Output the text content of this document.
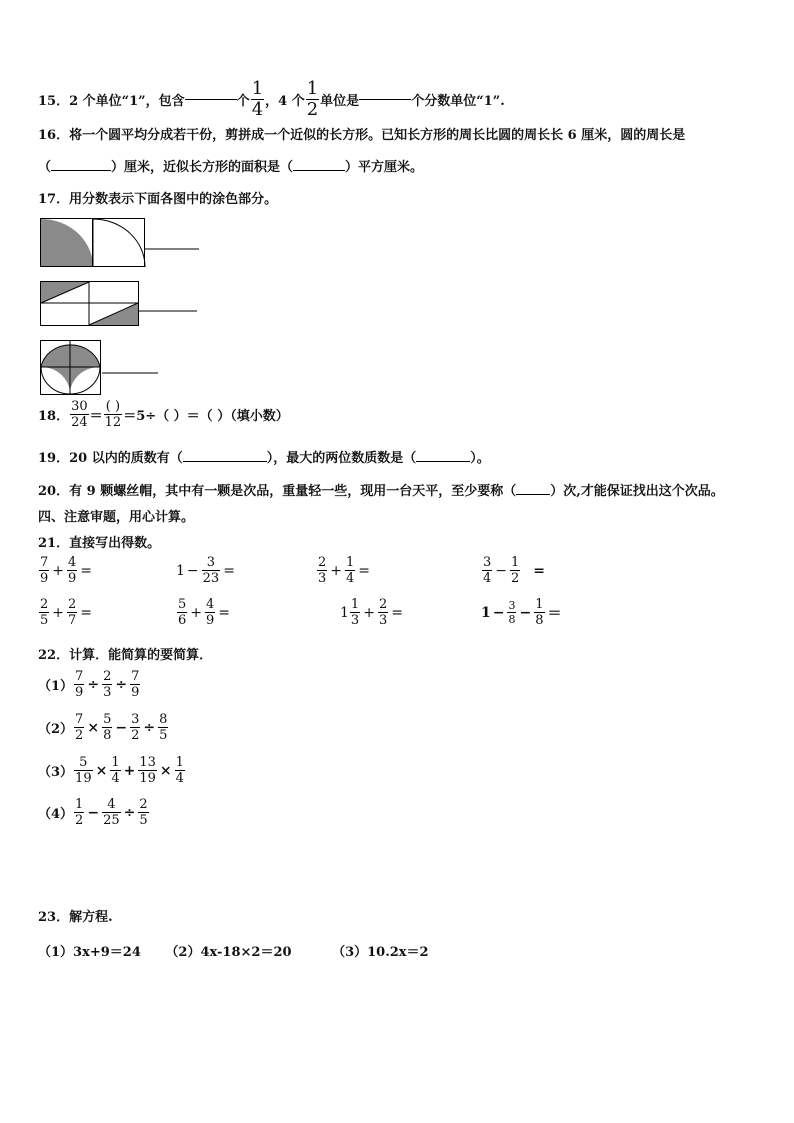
15．2 个单位“1”，包含	个 $\frac{1}{4}$ ，4 个 $\frac{1}{2}$ 单位是	个分数单位“1”.
16．将一个圆平均分成若干份，剪拼成一个近似的长方形。已知长方形的周长比圆的周长长 6 厘米，圆的周长是
（	）厘米，近似长方形的面积是（	）平方厘米。
17．用分数表示下面各图中的涂色部分。
18． $\frac{30}{24} = \frac{( )}{12} =5\div$（ ）＝（ ）（填小数）
19．20 以内的质数有（	），最大的两位数质数是（	）。
20．有 9 颗螺丝帽，其中有一颗是次品，重量轻一些，现用一台天平，至少要称（	）次,才能保证找出这个次品。
四、注意审题，用心计算。
21．直接写出得数。
$\frac{7}{9} + \frac{4}{9}$ =	$1 - \frac{3}{23}$ =	$\frac{2}{3} + \frac{1}{4}$ =	$\frac{3}{4} - \frac{1}{2}$ =
$\frac{2}{5} + \frac{2}{7}$ =	$\frac{5}{6} + \frac{4}{9}$ =	$1 \frac{1}{3} + \frac{2}{3}$ =	$1 - \frac{3}{8} - \frac{1}{8}$ ＝
22．计算．能简算的要简算．
$(1) \frac{7}{9} \div \frac{2}{3} \div \frac{7}{9}$
$(2) \frac{7}{2} \times \frac{5}{8} - \frac{3}{2} \div \frac{8}{5}$
$(3) \frac{5}{19} \times \frac{1}{4} + \frac{13}{19} \times \frac{1}{4}$
$(4) \frac{1}{2} - \frac{4}{25} \div \frac{2}{5}$
23．解方程.
（1）3x+9＝24 （2）4x-18×2＝20	（3）10.2x＝2
